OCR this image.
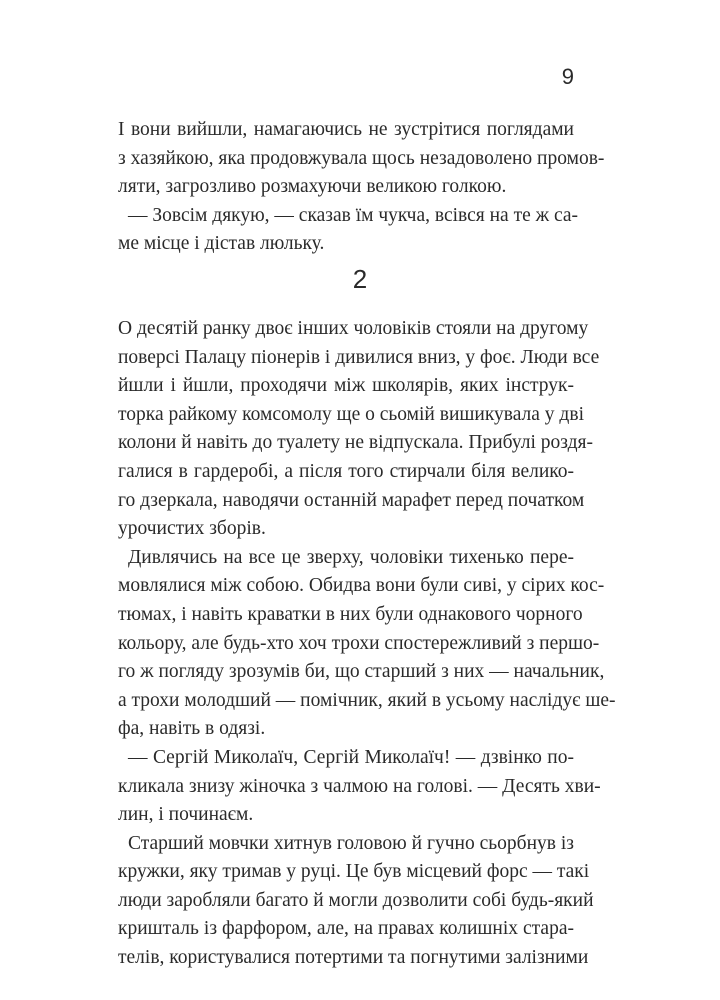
9

І вони вийшли, намагаючись не зустрітися поглядами
з хазяйкою, яка продовжувала щось незадоволено промов-
ляти, загрозливо розмахуючи великою голкою.

— Зовсім дякую, — сказав їм чукча, всівся на те ж са-
ме місце і дістав люльку.

2

О десятій ранку двоє інших чоловіків стояли на другому
поверсі Палацу піонерів і дивилися вниз, у фоє. Люди все
йшли і йшли, проходячи між школярів, яких інструк-
торка райкому комсомолу ще о сьомій вишикувала у дві
колони й навіть до туалету не відпускала. Прибулі роздя-
галися в гардеробі, а після того стирчали біля велико-
го дзеркала, наводячи останній марафет перед початком
урочистих зборів.

Дивлячись на все це зверху, чоловіки тихенько пере-
мовлялися між собою. Обидва вони були сиві, у сірих кос-
тюмах, і навіть краватки в них були однакового чорного
кольору, але будь-хто хоч трохи спостережливий з першо-
го ж погляду зрозумів би, що старший з них — начальник,
а трохи молодший — помічник, який в усьому наслідує ше-
фа, навіть в одязі.

— Сергій Миколаїч, Сергій Миколаїч! — дзвінко по-
кликала знизу жіночка з чалмою на голові. — Десять хви-
лин, і починаєм.

Старший мовчки хитнув головою й гучно сьорбнув із
кружки, яку тримав у руці. Це був місцевий форс — такі
люди заробляли багато й могли дозволити собі будь-який
кришталь із фарфором, але, на правах колишніх старa-
телів, користувалися потертими та погнутими залізними
